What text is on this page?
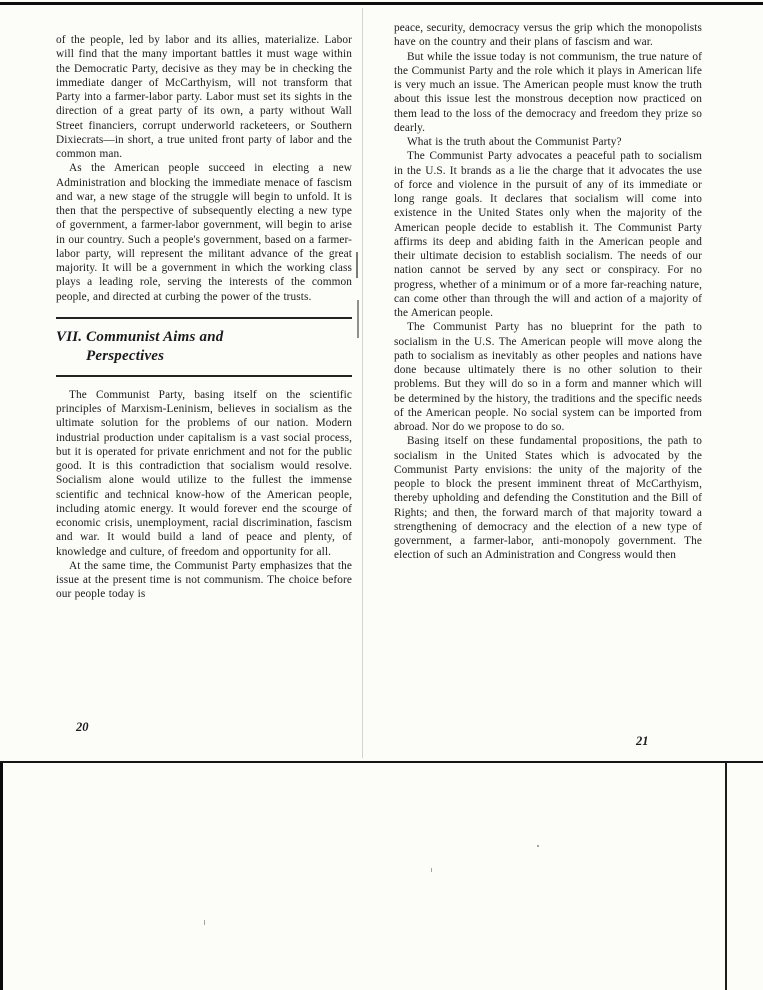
of the people, led by labor and its allies, materialize. Labor will find that the many important battles it must wage within the Democratic Party, decisive as they may be in checking the immediate danger of McCarthyism, will not transform that Party into a farmer-labor party. Labor must set its sights in the direction of a great party of its own, a party without Wall Street financiers, corrupt underworld racketeers, or Southern Dixiecrats—in short, a true united front party of labor and the common man.

As the American people succeed in electing a new Administration and blocking the immediate menace of fascism and war, a new stage of the struggle will begin to unfold. It is then that the perspective of subsequently electing a new type of government, a farmer-labor government, will begin to arise in our country. Such a people's government, based on a farmer-labor party, will represent the militant advance of the great majority. It will be a government in which the working class plays a leading role, serving the interests of the common people, and directed at curbing the power of the trusts.

VII. Communist Aims and
Perspectives

The Communist Party, basing itself on the scientific principles of Marxism-Leninism, believes in socialism as the ultimate solution for the problems of our nation. Modern industrial production under capitalism is a vast social process, but it is operated for private enrichment and not for the public good. It is this contradiction that socialism would resolve. Socialism alone would utilize to the fullest the immense scientific and technical know-how of the American people, including atomic energy. It would forever end the scourge of economic crisis, unemployment, racial discrimination, fascism and war. It would build a land of peace and plenty, of knowledge and culture, of freedom and opportunity for all.

At the same time, the Communist Party emphasizes that the issue at the present time is not communism. The choice before our people today is

20

peace, security, democracy versus the grip which the monopolists have on the country and their plans of fascism and war.

But while the issue today is not communism, the true nature of the Communist Party and the role which it plays in American life is very much an issue. The American people must know the truth about this issue lest the monstrous deception now practiced on them lead to the loss of the democracy and freedom they prize so dearly.

What is the truth about the Communist Party?

The Communist Party advocates a peaceful path to socialism in the U.S. It brands as a lie the charge that it advocates the use of force and violence in the pursuit of any of its immediate or long range goals. It declares that socialism will come into existence in the United States only when the majority of the American people decide to establish it. The Communist Party affirms its deep and abiding faith in the American people and their ultimate decision to establish socialism. The needs of our nation cannot be served by any sect or conspiracy. For no progress, whether of a minimum or of a more far-reaching nature, can come other than through the will and action of a majority of the American people.

The Communist Party has no blueprint for the path to socialism in the U.S. The American people will move along the path to socialism as inevitably as other peoples and nations have done because ultimately there is no other solution to their problems. But they will do so in a form and manner which will be determined by the history, the traditions and the specific needs of the American people. No social system can be imported from abroad. Nor do we propose to do so.

Basing itself on these fundamental propositions, the path to socialism in the United States which is advocated by the Communist Party envisions: the unity of the majority of the people to block the present imminent threat of McCarthyism, thereby upholding and defending the Constitution and the Bill of Rights; and then, the forward march of that majority toward a strengthening of democracy and the election of a new type of government, a farmer-labor, anti-monopoly government. The election of such an Administration and Congress would then

21
